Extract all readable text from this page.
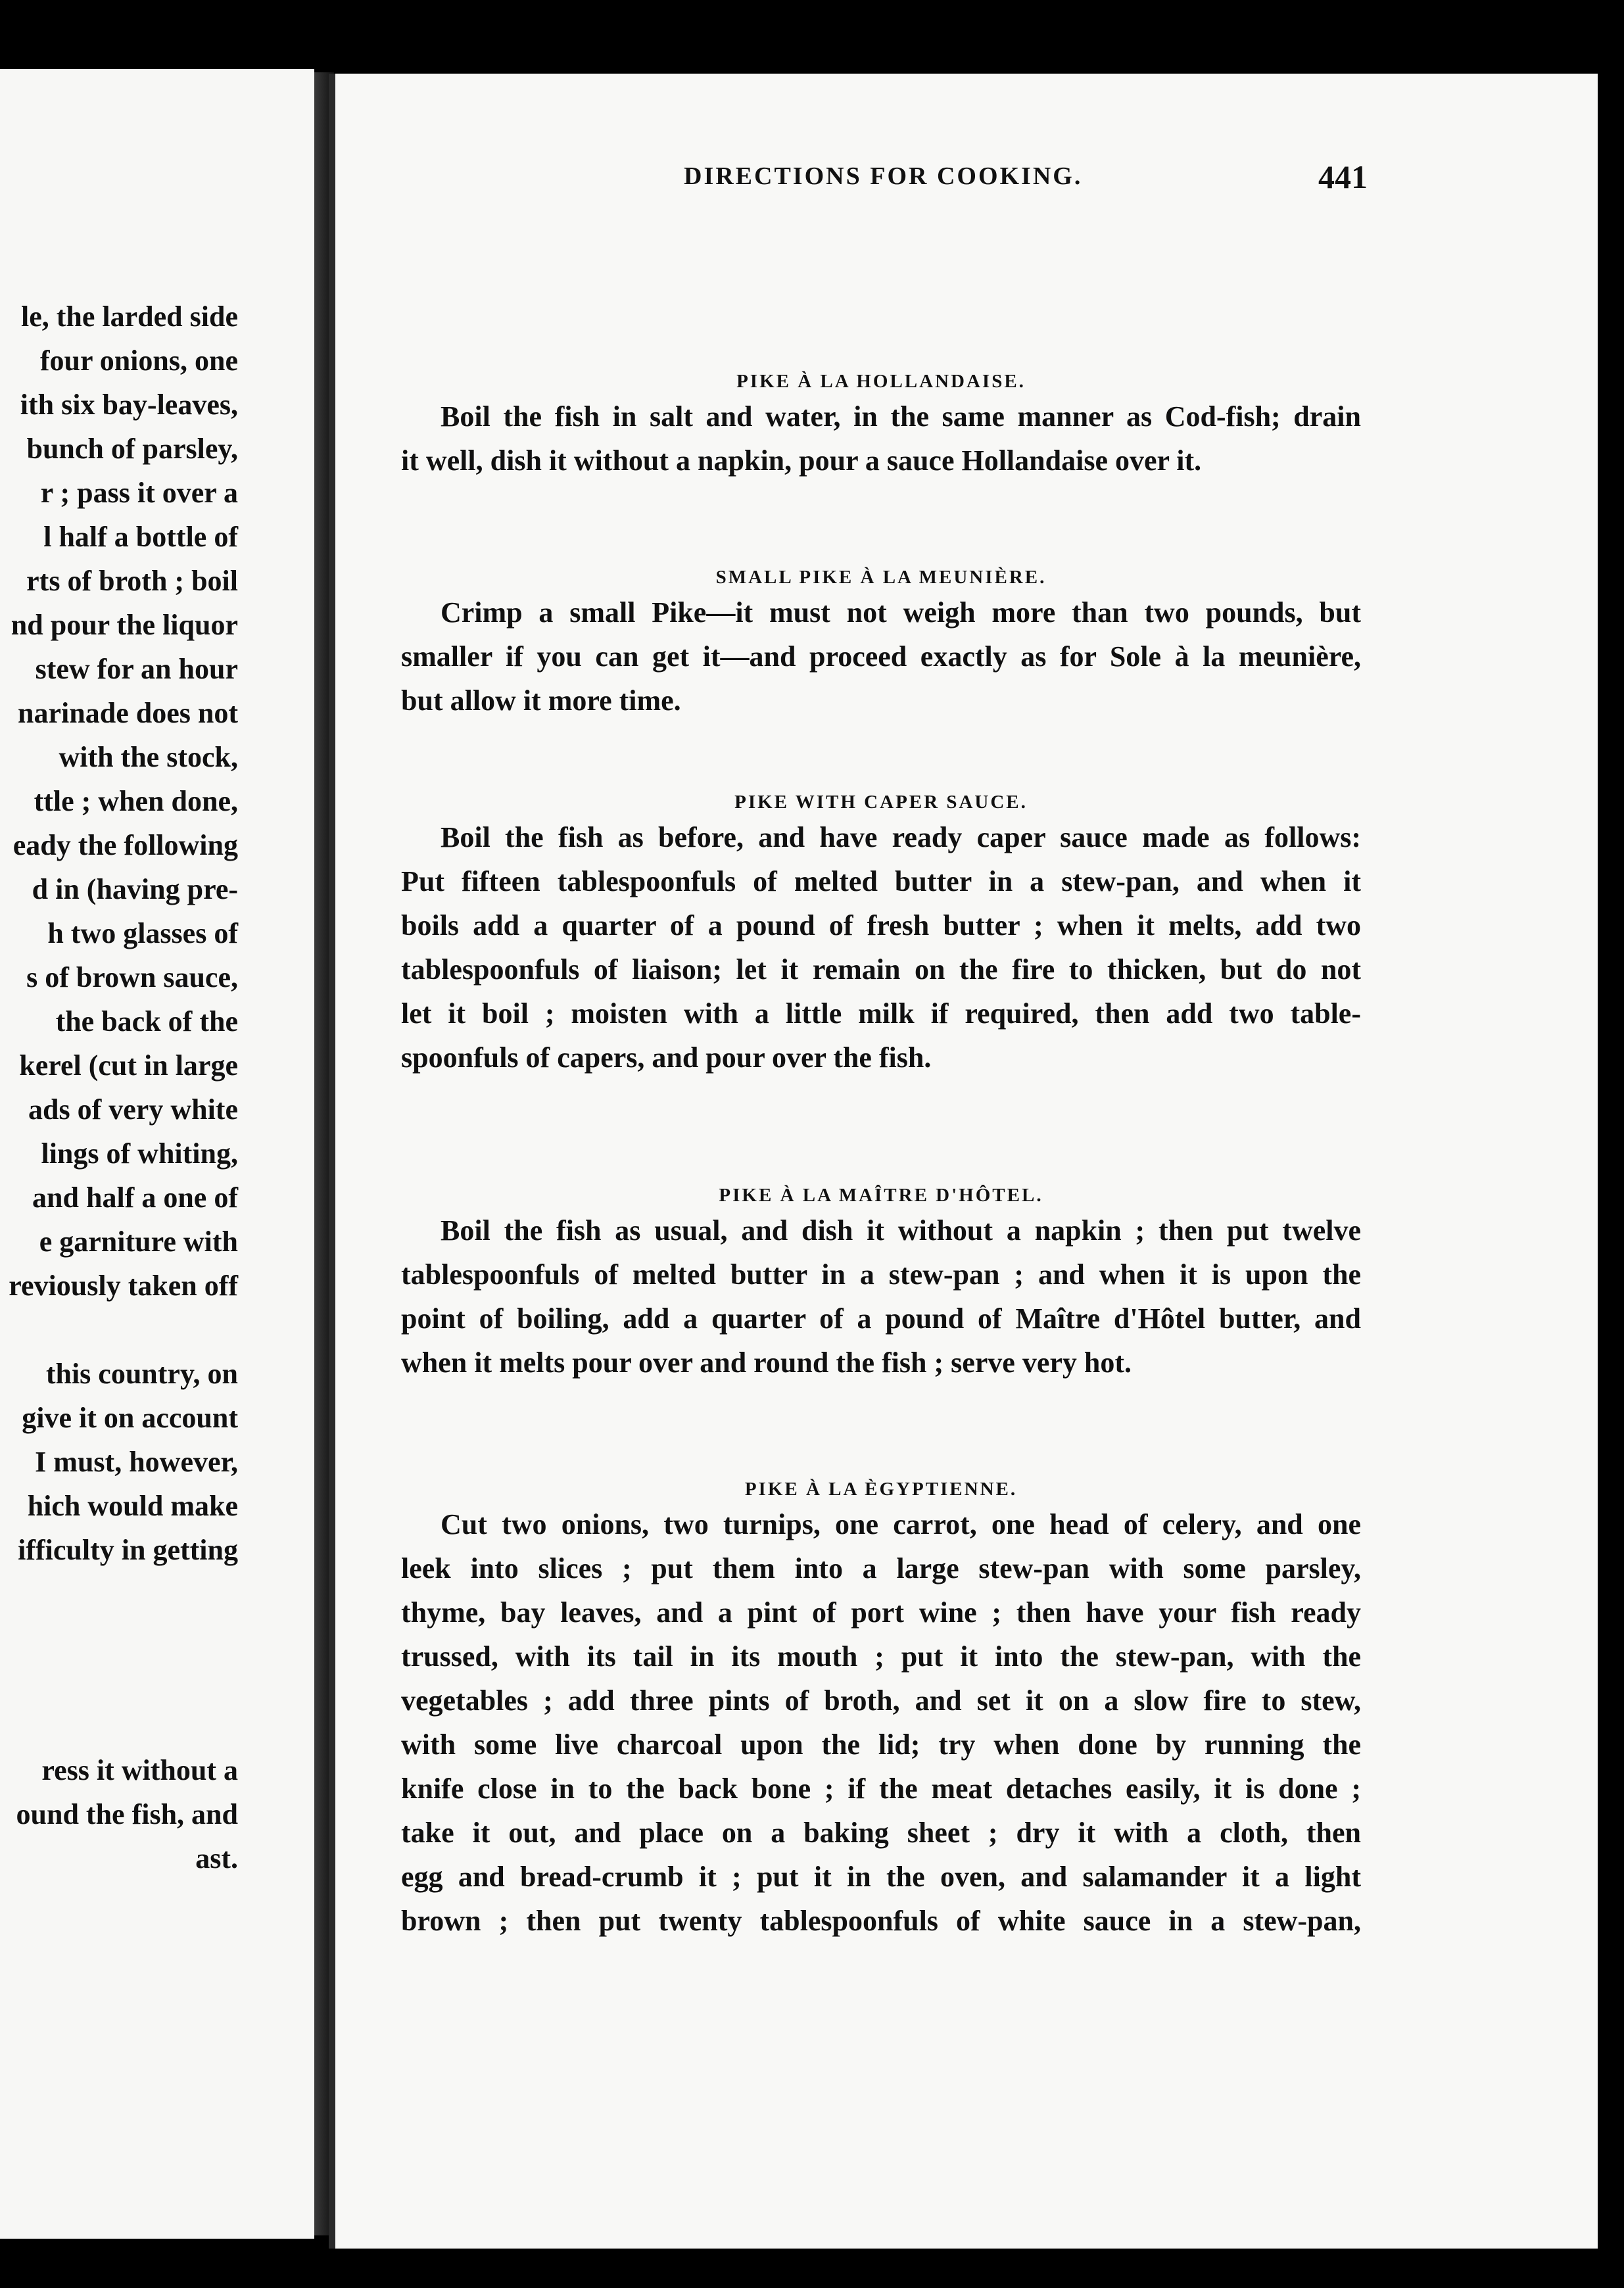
le, the larded side
four onions, one
ith six bay-leaves,
bunch of parsley,
r ; pass it over a
l half a bottle of
rts of broth ; boil
nd pour the liquor
stew for an hour
narinade does not
with the stock,
ttle ; when done,
eady the following
d in (having pre-
h two glasses of
s of brown sauce,
the back of the
kerel (cut in large
ads of very white
lings of whiting,
and half a one of
e garniture with
reviously taken off
this country, on
give it on account
I must, however,
hich would make
ifficulty in getting
ress it without a
ound the fish, and
ast.
DIRECTIONS FOR COOKING.	441
PIKE À LA HOLLANDAISE.
Boil the fish in salt and water, in the same manner as Cod-fish; drain
it well, dish it without a napkin, pour a sauce Hollandaise over it.
SMALL PIKE À LA MEUNIÈRE.
Crimp a small Pike—it must not weigh more than two pounds, but
smaller if you can get it—and proceed exactly as for Sole à la meunière,
but allow it more time.
PIKE WITH CAPER SAUCE.
Boil the fish as before, and have ready caper sauce made as follows:
Put fifteen tablespoonfuls of melted butter in a stew-pan, and when it
boils add a quarter of a pound of fresh butter ; when it melts, add two
tablespoonfuls of liaison; let it remain on the fire to thicken, but do not
let it boil ; moisten with a little milk if required, then add two table-
spoonfuls of capers, and pour over the fish.
PIKE À LA MAÎTRE D'HÔTEL.
Boil the fish as usual, and dish it without a napkin ; then put twelve
tablespoonfuls of melted butter in a stew-pan ; and when it is upon the
point of boiling, add a quarter of a pound of Maître d'Hôtel butter, and
when it melts pour over and round the fish ; serve very hot.
PIKE À LA ÈGYPTIENNE.
Cut two onions, two turnips, one carrot, one head of celery, and one
leek into slices ; put them into a large stew-pan with some parsley,
thyme, bay leaves, and a pint of port wine ; then have your fish ready
trussed, with its tail in its mouth ; put it into the stew-pan, with the
vegetables ; add three pints of broth, and set it on a slow fire to stew,
with some live charcoal upon the lid; try when done by running the
knife close in to the back bone ; if the meat detaches easily, it is done ;
take it out, and place on a baking sheet ; dry it with a cloth, then
egg and bread-crumb it ; put it in the oven, and salamander it a light
brown ; then put twenty tablespoonfuls of white sauce in a stew-pan,
